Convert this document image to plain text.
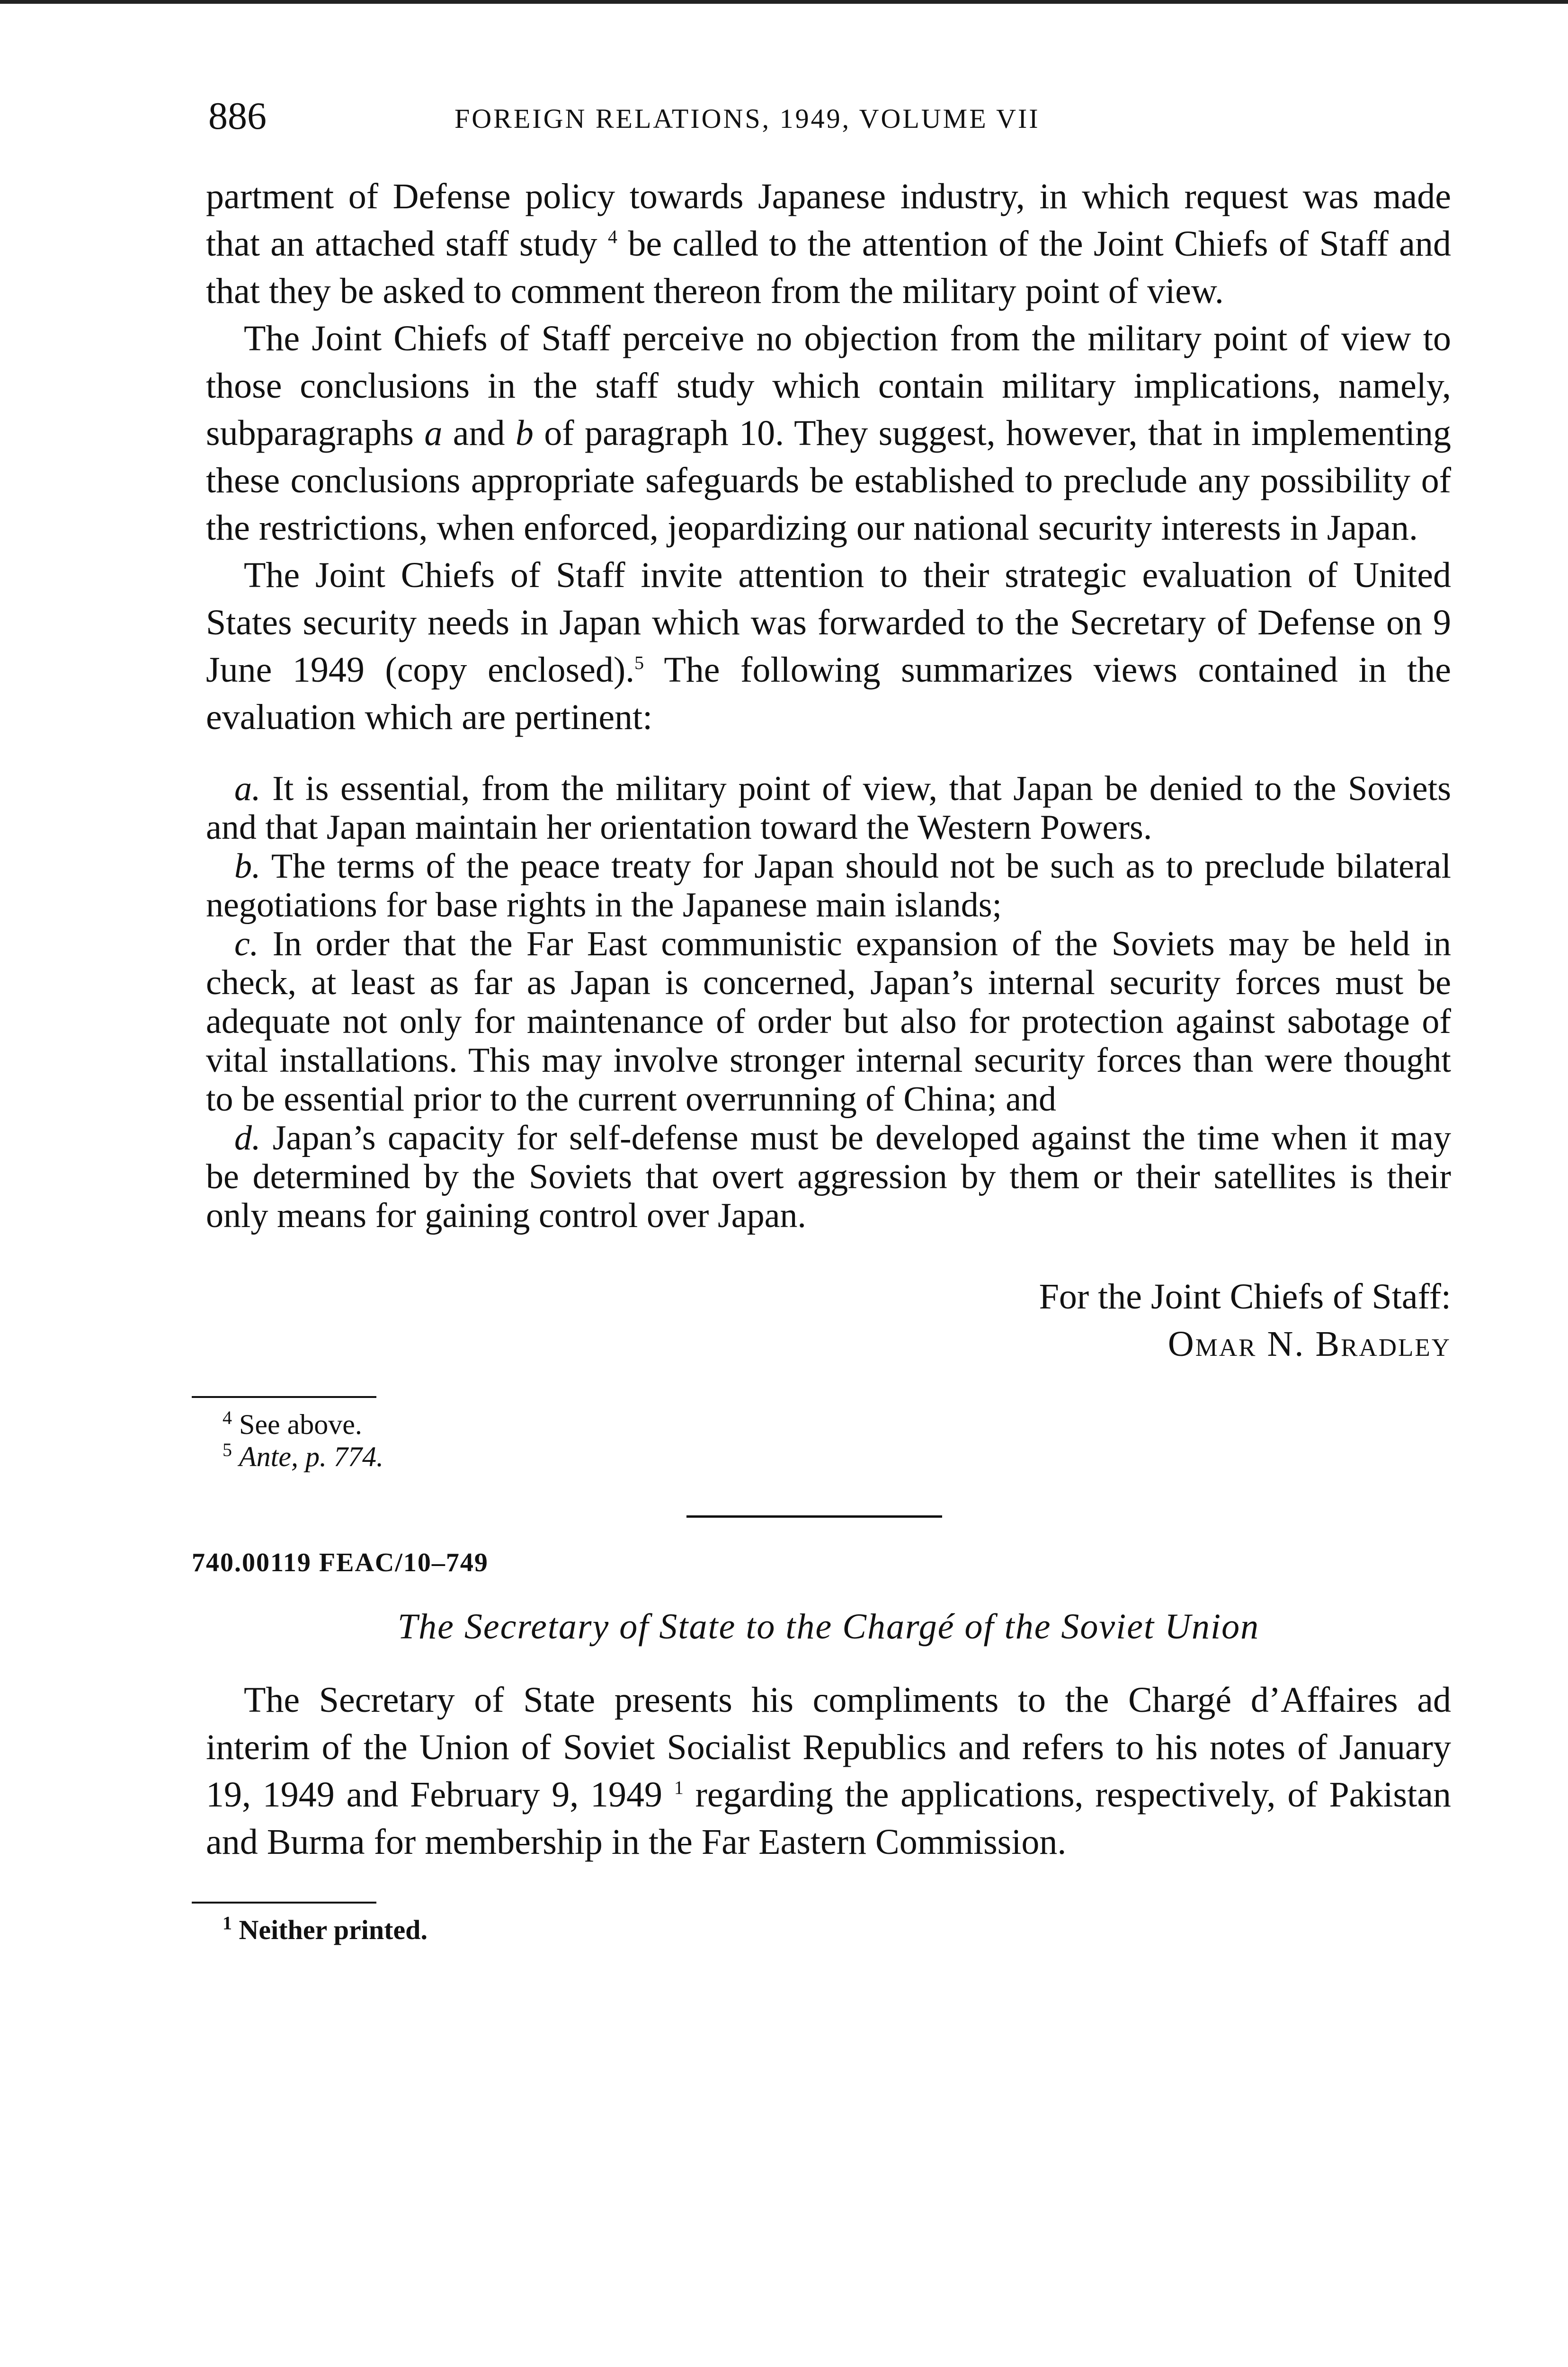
886	FOREIGN RELATIONS, 1949, VOLUME VII

partment of Defense policy towards Japanese industry, in which request was made that an attached staff study $^4$ be called to the attention of the Joint Chiefs of Staff and that they be asked to comment thereon from the military point of view.

The Joint Chiefs of Staff perceive no objection from the military point of view to those conclusions in the staff study which contain military implications, namely, subparagraphs a and b of paragraph 10. They suggest, however, that in implementing these conclusions appropriate safeguards be established to preclude any possibility of the restrictions, when enforced, jeopardizing our national security interests in Japan.

The Joint Chiefs of Staff invite attention to their strategic evaluation of United States security needs in Japan which was forwarded to the Secretary of Defense on 9 June 1949 (copy enclosed).$^5$ The following summarizes views contained in the evaluation which are pertinent:

a. It is essential, from the military point of view, that Japan be denied to the Soviets and that Japan maintain her orientation toward the Western Powers.

b. The terms of the peace treaty for Japan should not be such as to preclude bilateral negotiations for base rights in the Japanese main islands;

c. In order that the Far East communistic expansion of the Soviets may be held in check, at least as far as Japan is concerned, Japan’s internal security forces must be adequate not only for maintenance of order but also for protection against sabotage of vital installations. This may involve stronger internal security forces than were thought to be essential prior to the current overrunning of China; and

d. Japan’s capacity for self-defense must be developed against the time when it may be determined by the Soviets that overt aggression by them or their satellites is their only means for gaining control over Japan.

For the Joint Chiefs of Staff:
Omar N. Bradley
$^4$ See above.
$^5$ Ante, p. 774.
740.00119 FEAC/10–749
The Secretary of State to the Chargé of the Soviet Union

The Secretary of State presents his compliments to the Chargé d’Affaires ad interim of the Union of Soviet Socialist Republics and refers to his notes of January 19, 1949 and February 9, 1949 $^1$ regarding the applications, respectively, of Pakistan and Burma for membership in the Far Eastern Commission.

$^1$ Neither printed.
